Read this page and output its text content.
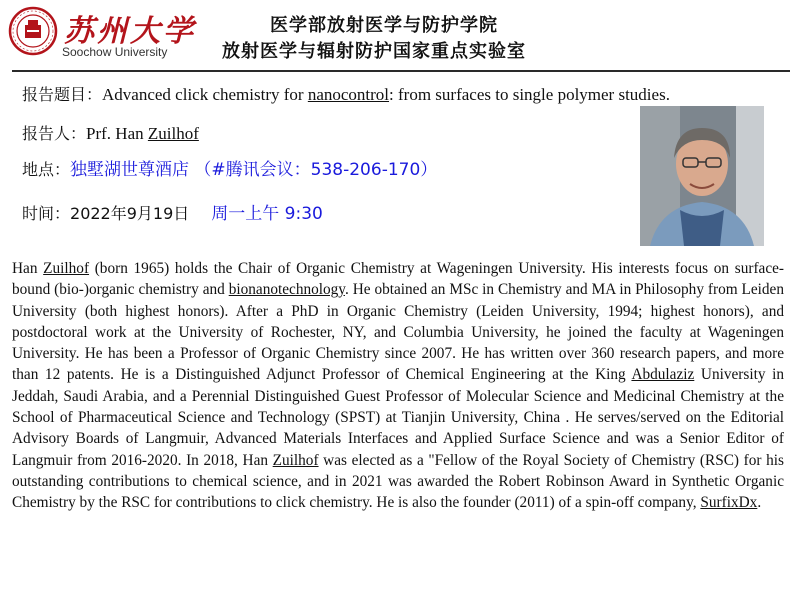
苏州大学
Soochow University
医学部放射医学与防护学院
放射医学与辐射防护国家重点实验室
报告题目：Advanced click chemistry for nanocontrol: from surfaces to single polymer studies.
报告人：Prf. Han Zuilhof
地点：独墅湖世尊酒店 （#腾讯会议：538-206-170）
时间：2022年9月19日 周一上午 9:30

Han Zuilhof (born 1965) holds the Chair of Organic Chemistry at Wageningen University. His interests focus on surface-bound (bio-)organic chemistry and bionanotechnology. He obtained an MSc in Chemistry and MA in Philosophy from Leiden University (both highest honors). After a PhD in Organic Chemistry (Leiden University, 1994; highest honors), and postdoctoral work at the University of Rochester, NY, and Columbia University, he joined the faculty at Wageningen University. He has been a Professor of Organic Chemistry since 2007. He has written over 360 research papers, and more than 12 patents. He is a Distinguished Adjunct Professor of Chemical Engineering at the King Abdulaziz University in Jeddah, Saudi Arabia, and a Perennial Distinguished Guest Professor of Molecular Science and Medicinal Chemistry at the School of Pharmaceutical Science and Technology (SPST) at Tianjin University, China . He serves/served on the Editorial Advisory Boards of Langmuir, Advanced Materials Interfaces and Applied Surface Science and was a Senior Editor of Langmuir from 2016-2020. In 2018, Han Zuilhof was elected as a "Fellow of the Royal Society of Chemistry (RSC) for his outstanding contributions to chemical science, and in 2021 was awarded the Robert Robinson Award in Synthetic Organic Chemistry by the RSC for contributions to click chemistry. He is also the founder (2011) of a spin-off company, SurfixDx.
